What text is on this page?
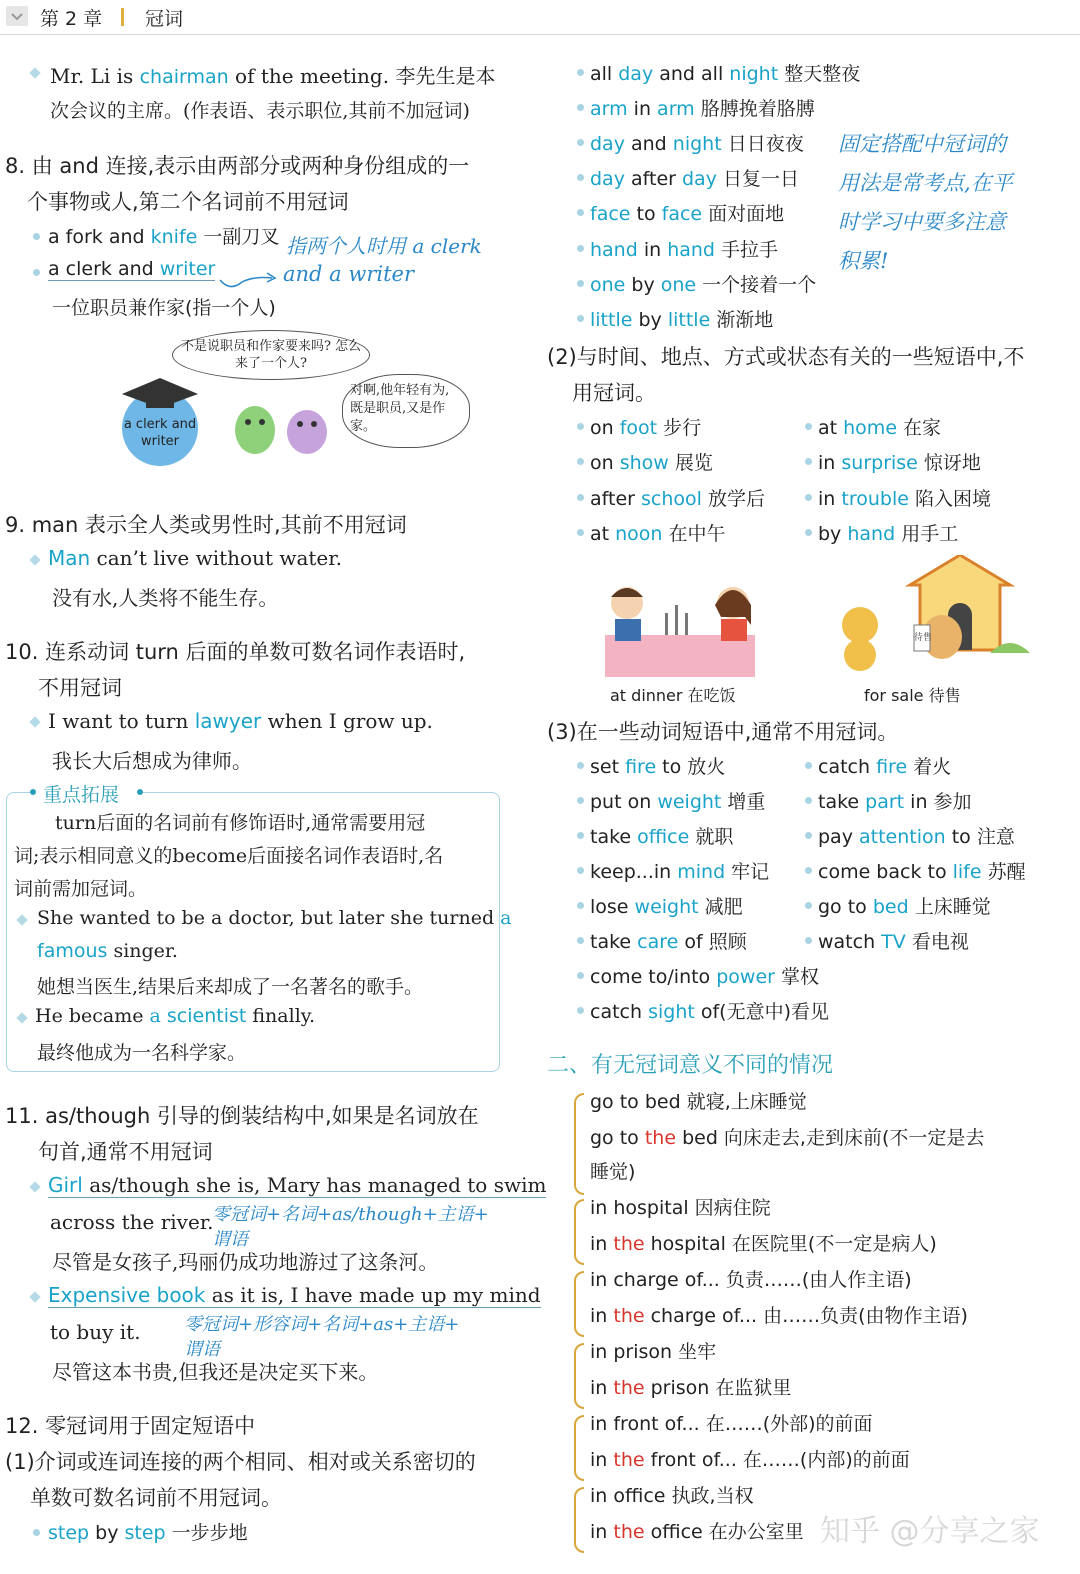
第 2 章 冠词
Mr. Li is chairman of the meeting. 李先生是本
次会议的主席。(作表语、表示职位,其前不加冠词)
8. 由 and 连接,表示由两部分或两种身份组成的一
个事物或人,第二个名词前不用冠词
a fork and knife 一副刀叉 指两个人时用 a clerk
a clerk and writer	and a writer
一位职员兼作家(指一个人)
不是说职员和作家要来吗? 怎么来了一个人?
对啊,他年轻有为,既是职员,又是作家。
a clerk and writer
9. man 表示全人类或男性时,其前不用冠词
Man can’t live without water.
没有水,人类将不能生存。
10. 连系动词 turn 后面的单数可数名词作表语时,
不用冠词
I want to turn lawyer when I grow up.
我长大后想成为律师。
重点拓展
turn后面的名词前有修饰语时,通常需要用冠
词;表示相同意义的become后面接名词作表语时,名
词前需加冠词。
She wanted to be a doctor, but later she turned a
famous singer.
她想当医生,结果后来却成了一名著名的歌手。
He became a scientist finally.
最终他成为一名科学家。
11. as/though 引导的倒装结构中,如果是名词放在
句首,通常不用冠词
Girl as/though she is, Mary has managed to swim
across the river.
零冠词+名词+as/though+主语+
谓语
尽管是女孩子,玛丽仍成功地游过了这条河。
Expensive book as it is, I have made up my mind
to buy it. 零冠词+形容词+名词+as+主语+
谓语
尽管这本书贵,但我还是决定买下来。
12. 零冠词用于固定短语中
(1)介词或连词连接的两个相同、相对或关系密切的
单数可数名词前不用冠词。
step by step 一步步地
all day and all night 整天整夜
arm in arm 胳膊挽着胳膊
day and night 日日夜夜
day after day 日复一日
face to face 面对面地
hand in hand 手拉手
one by one 一个接着一个
little by little 渐渐地
固定搭配中冠词的
用法是常考点,在平
时学习中要多注意
积累!
(2)与时间、地点、方式或状态有关的一些短语中,不
用冠词。
on foot 步行	at home 在家
on show 展览	in surprise 惊讶地
after school 放学后	in trouble 陷入困境
at noon 在中午	by hand 用手工
at dinner 在吃饭
待售
for sale 待售
(3)在一些动词短语中,通常不用冠词。
set fire to 放火	catch fire 着火
put on weight 增重	take part in 参加
take office 就职	pay attention to 注意
keep...in mind 牢记	come back to life 苏醒
lose weight 减肥	go to bed 上床睡觉
take care of 照顾	watch TV 看电视
come to/into power 掌权
catch sight of(无意中)看见
二、有无冠词意义不同的情况
go to bed 就寝,上床睡觉
go to the bed 向床走去,走到床前(不一定是去
睡觉)
in hospital 因病住院
in the hospital 在医院里(不一定是病人)
in charge of... 负责……(由人作主语)
in the charge of... 由……负责(由物作主语)
in prison 坐牢
in the prison 在监狱里
in front of... 在……(外部)的前面
in the front of... 在……(内部)的前面
in office 执政,当权
in the office 在办公室里 知乎 @分享之家
